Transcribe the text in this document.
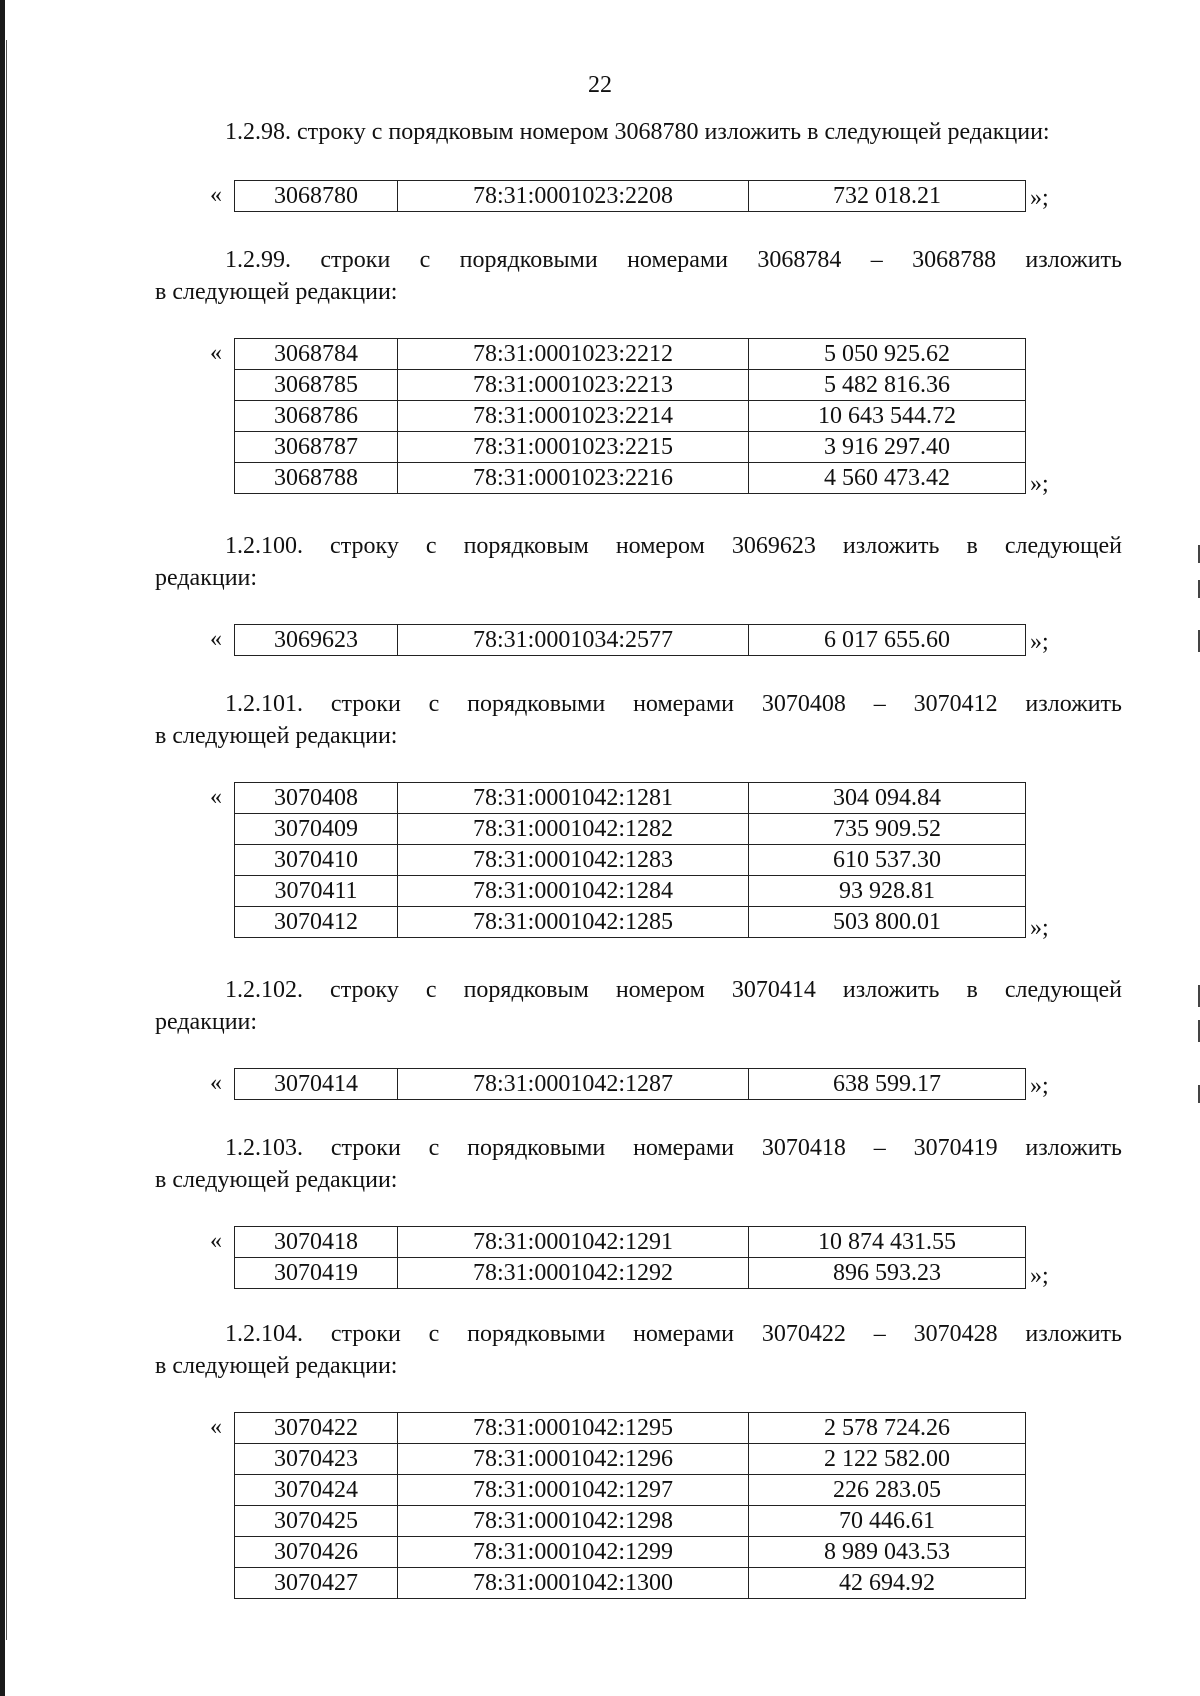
22
1.2.98. строку с порядковым номером 3068780 изложить в следующей редакции:
« 3068780	78:31:0001023:2208	732 018.21	»;
1.2.99. строки с порядковыми номерами 3068784 – 3068788 изложить
в следующей редакции:
« 3068784	78:31:0001023:2212	5 050 925.62
3068785	78:31:0001023:2213	5 482 816.36
3068786	78:31:0001023:2214	10 643 544.72
3068787	78:31:0001023:2215	3 916 297.40
3068788	78:31:0001023:2216	4 560 473.42	»;
1.2.100. строку с порядковым номером 3069623 изложить в следующей
редакции:
« 3069623	78:31:0001034:2577	6 017 655.60	»;
1.2.101. строки с порядковыми номерами 3070408 – 3070412 изложить
в следующей редакции:
« 3070408	78:31:0001042:1281	304 094.84
3070409	78:31:0001042:1282	735 909.52
3070410	78:31:0001042:1283	610 537.30
3070411	78:31:0001042:1284	93 928.81
3070412	78:31:0001042:1285	503 800.01	»;
1.2.102. строку с порядковым номером 3070414 изложить в следующей
редакции:
« 3070414	78:31:0001042:1287	638 599.17	»;
1.2.103. строки с порядковыми номерами 3070418 – 3070419 изложить
в следующей редакции:
« 3070418	78:31:0001042:1291	10 874 431.55
3070419	78:31:0001042:1292	896 593.23	»;
1.2.104. строки с порядковыми номерами 3070422 – 3070428 изложить
в следующей редакции:
« 3070422	78:31:0001042:1295	2 578 724.26
3070423	78:31:0001042:1296	2 122 582.00
3070424	78:31:0001042:1297	226 283.05
3070425	78:31:0001042:1298	70 446.61
3070426	78:31:0001042:1299	8 989 043.53
3070427	78:31:0001042:1300	42 694.92
